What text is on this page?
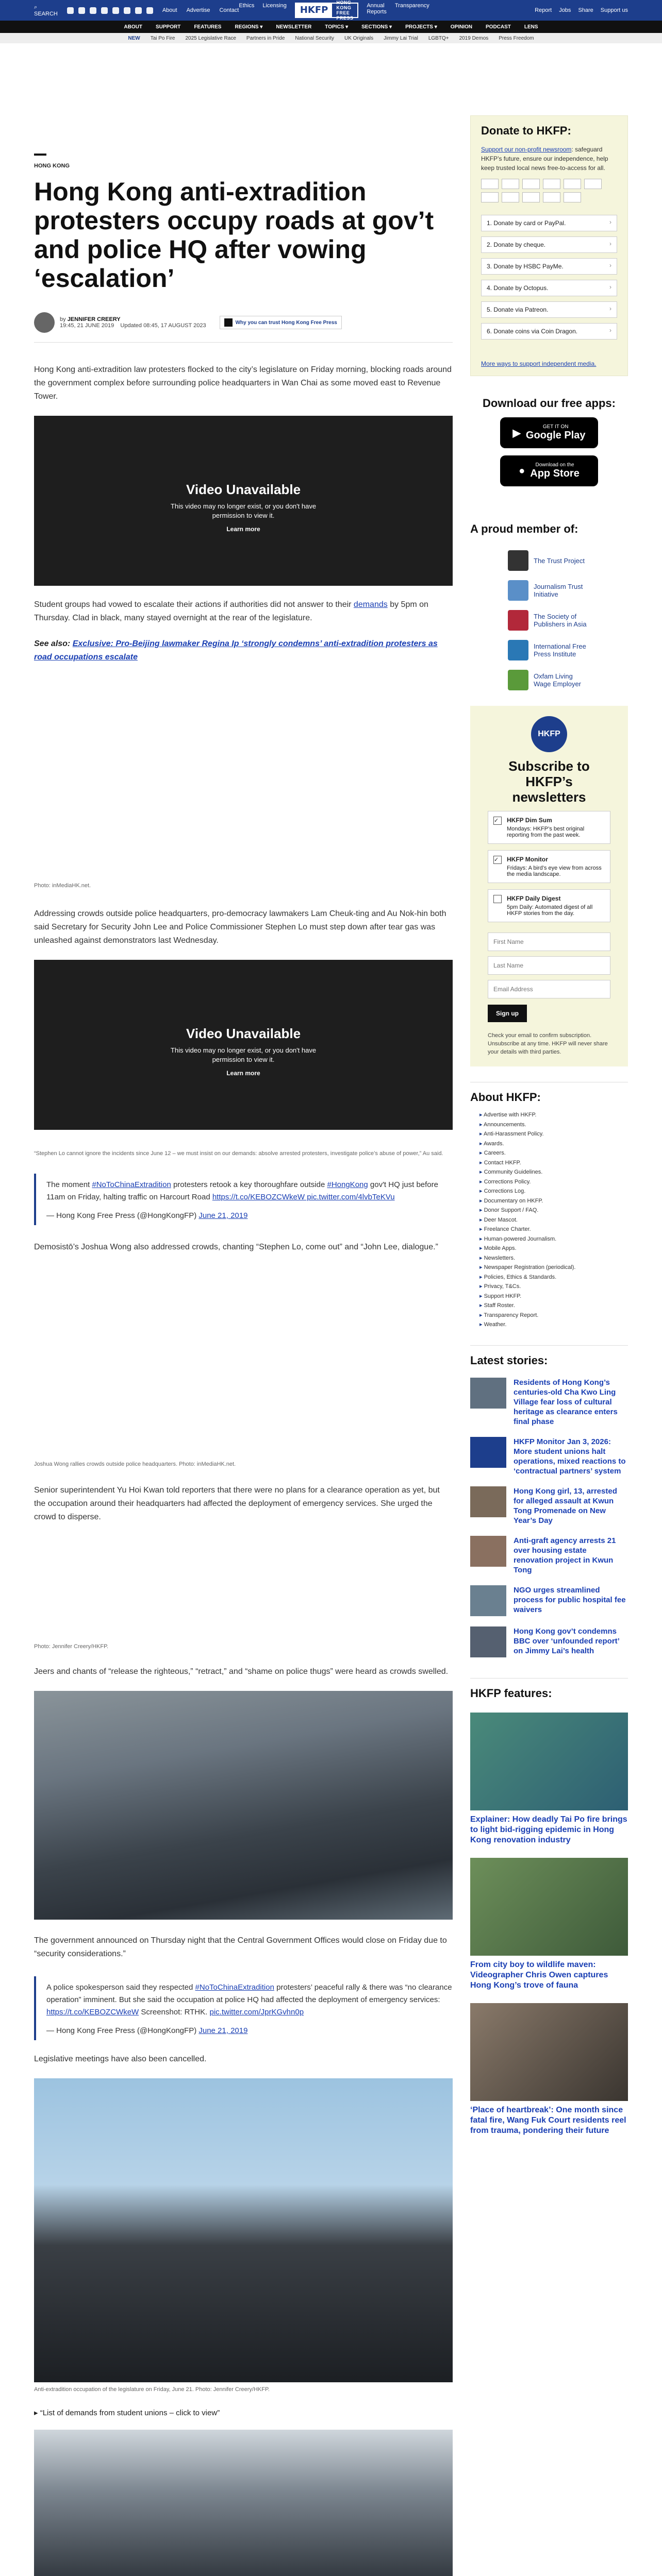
⌕ SEARCH
About Advertise Contact
Ethics Licensing	HKFP
HONG KONG
FREE PRESS
Annual Reports
Transparency
Report Jobs Share Support us
ABOUT	SUPPORT	FEATURES	REGIONS ▾	NEWSLETTER	TOPICS ▾	SECTIONS ▾	PROJECTS ▾	OPINION	PODCAST	LENS
NEW Tai Po Fire 2025 Legislative Race Partners in Pride National Security UK Originals Jimmy Lai Trial LGBTQ+ 2019 Demos Press Freedom
HONG KONG
Hong Kong anti-extradition protesters occupy roads at gov’t and police HQ after vowing ‘escalation’
by JENNIFER CREERY
19:45, 21 JUNE 2019 Updated 08:45, 17 AUGUST 2023	Why you can trust Hong Kong Free Press

Hong Kong anti-extradition law protesters flocked to the city’s legislature on Friday morning, blocking roads around the government complex before surrounding police headquarters in Wan Chai as some moved east to Revenue Tower.

Video Unavailable
This video may no longer exist, or you don't have
permission to view it.
Learn more

Student groups had vowed to escalate their actions if authorities did not answer to their demands by 5pm on Thursday. Clad in black, many stayed overnight at the rear of the legislature.

See also: Exclusive: Pro-Beijing lawmaker Regina Ip ‘strongly condemns’ anti-extradition protesters as road occupations escalate

Photo: inMediaHK.net.

Addressing crowds outside police headquarters, pro-democracy lawmakers Lam Cheuk-ting and Au Nok-hin both said Secretary for Security John Lee and Police Commissioner Stephen Lo must step down after tear gas was unleashed against demonstrators last Wednesday.

Video Unavailable
This video may no longer exist, or you don't have
permission to view it.
Learn more
“Stephen Lo cannot ignore the incidents since June 12 – we must insist on our demands: absolve arrested protesters, investigate police’s abuse of power,” Au said.
The moment #NoToChinaExtradition protesters retook a key thoroughfare outside #HongKong gov't HQ just before 11am on Friday, halting traffic on Harcourt Road https://t.co/KEBOZCWkeW pic.twitter.com/4lvbTeKVu
— Hong Kong Free Press (@HongKongFP) June 21, 2019

Demosistō’s Joshua Wong also addressed crowds, chanting “Stephen Lo, come out” and “John Lee, dialogue.”

Joshua Wong rallies crowds outside police headquarters. Photo: inMediaHK.net.

Senior superintendent Yu Hoi Kwan told reporters that there were no plans for a clearance operation as yet, but the occupation around their headquarters had affected the deployment of emergency services. She urged the crowd to disperse.

Photo: Jennifer Creery/HKFP.

Jeers and chants of “release the righteous,” “retract,” and “shame on police thugs” were heard as crowds swelled.

The government announced on Thursday night that the Central Government Offices would close on Friday due to “security considerations.”

A police spokesperson said they respected #NoToChinaExtradition protesters’ peaceful rally & there was “no clearance operation” imminent. But she said the occupation at police HQ had affected the deployment of emergency services: https://t.co/KEBOZCWkeW Screenshot: RTHK. pic.twitter.com/JprKGvhn0p
— Hong Kong Free Press (@HongKongFP) June 21, 2019

Legislative meetings have also been cancelled.

Anti-extradition occupation of the legislature on Friday, June 21. Photo: Jennifer Creery/HKFP.
▸ “List of demands from student unions – click to view”
Donate to HKFP:
Support our non-profit newsroom: safeguard HKFP’s future, ensure our independence, help keep trusted local news free-to-access for all.
1. Donate by card or PayPal. ›
2. Donate by cheque. ›
3. Donate by HSBC PayMe. ›
4. Donate by Octopus. ›
5. Donate via Patreon. ›
6. Donate coins via Coin Dragon. ›
More ways to support independent media.
Download our free apps:
▶
GET IT ON
Google Play
●	Download on the
App Store
A proud member of:
The Trust Project
Journalism Trust Initiative
The Society of Publishers in Asia
International Free Press Institute
Oxfam Living Wage Employer
HKFP
Subscribe to HKFP’s newsletters
✓	HKFP Dim Sum
Mondays: HKFP’s best original reporting from the past week.
✓	HKFP Monitor
Fridays: A bird’s eye view from across the media landscape.
HKFP Daily Digest
5pm Daily: Automated digest of all HKFP stories from the day.
First Name Last Name Email Address Sign up
Check your email to confirm subscription. Unsubscribe at any time. HKFP will never share your details with third parties.
About HKFP:
▸ Advertise with HKFP.
▸ Announcements.
▸ Anti-Harassment Policy.
▸ Awards.
▸ Careers.
▸ Contact HKFP.
▸ Community Guidelines.
▸ Corrections Policy.
▸ Corrections Log.
▸ Documentary on HKFP.
▸ Donor Support / FAQ.
▸ Deer Mascot.
▸ Freelance Charter.
▸ Human-powered Journalism.
▸ Mobile Apps.
▸ Newsletters.
▸ Newspaper Registration (periodical).
▸ Policies, Ethics & Standards.
▸ Privacy, T&Cs.
▸ Support HKFP.
▸ Staff Roster.
▸ Transparency Report.
▸ Weather.
Latest stories:
Residents of Hong Kong’s centuries-old Cha Kwo Ling Village fear loss of cultural heritage as clearance enters final phase
HKFP Monitor Jan 3, 2026: More student unions halt operations, mixed reactions to ‘contractual partners’ system
Hong Kong girl, 13, arrested for alleged assault at Kwun Tong Promenade on New Year’s Day
Anti-graft agency arrests 21 over housing estate renovation project in Kwun Tong
NGO urges streamlined process for public hospital fee waivers
Hong Kong gov’t condemns BBC over ‘unfounded report’ on Jimmy Lai’s health
HKFP features:
Explainer: How deadly Tai Po fire brings to light bid-rigging epidemic in Hong Kong renovation industry
From city boy to wildlife maven: Videographer Chris Owen captures Hong Kong’s trove of fauna
‘Place of heartbreak’: One month since fatal fire, Wang Fuk Court residents reel from trauma, pondering their future
